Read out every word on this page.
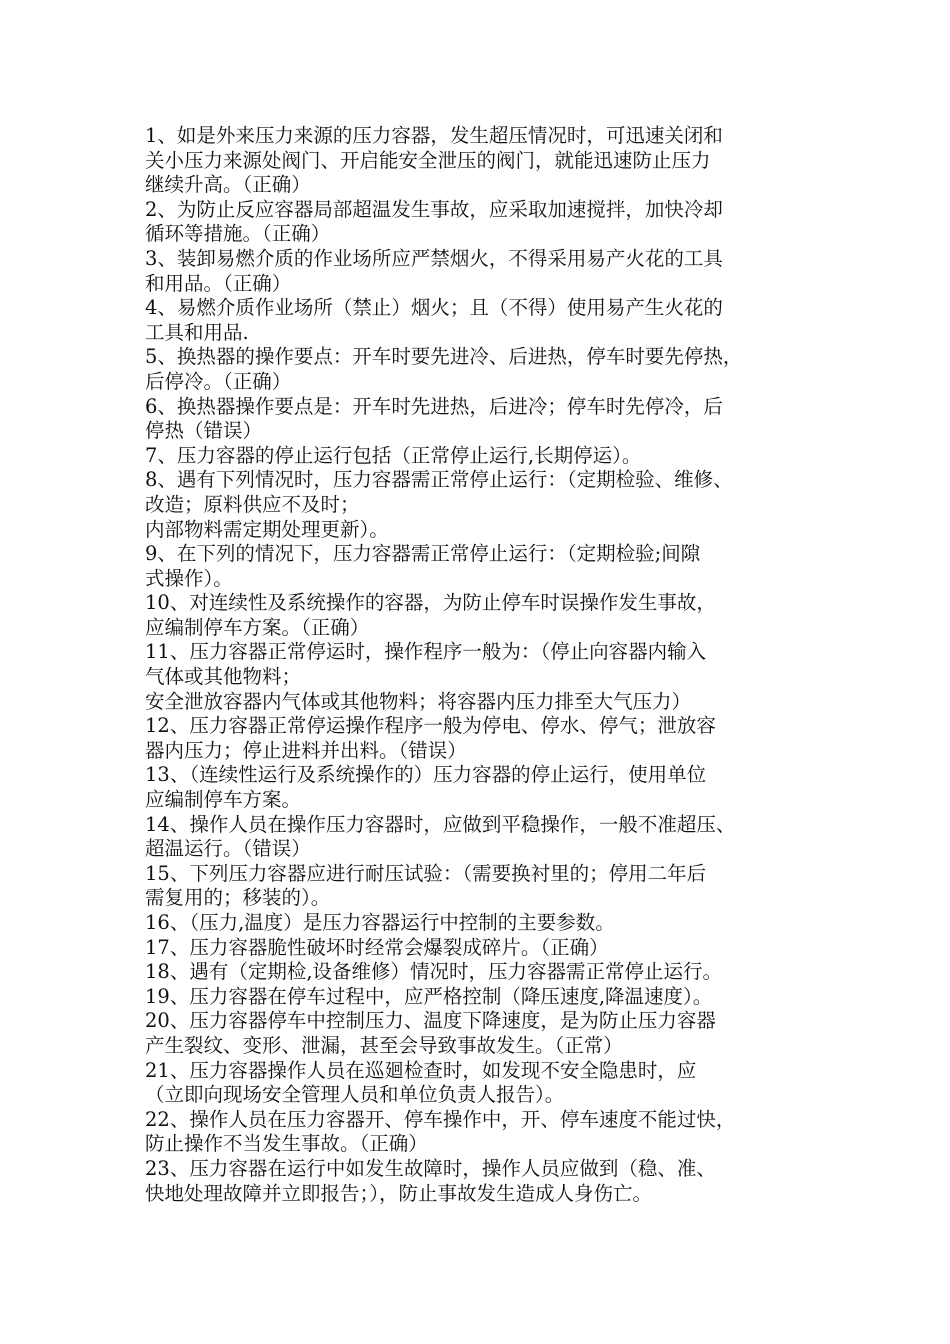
1、如是外来压力来源的压力容器，发生超压情况时，可迅速关闭和
关小压力来源处阀门、开启能安全泄压的阀门，就能迅速防止压力
继续升高。（正确）
2、为防止反应容器局部超温发生事故，应采取加速搅拌，加快冷却
循环等措施。（正确）
3、装卸易燃介质的作业场所应严禁烟火，不得采用易产火花的工具
和用品。（正确）
4、易燃介质作业场所（禁止）烟火；且（不得）使用易产生火花的
工具和用品.
5、换热器的操作要点：开车时要先进冷、后进热，停车时要先停热，
后停冷。（正确）
6、换热器操作要点是：开车时先进热，后进冷；停车时先停冷，后
停热（错误）
7、压力容器的停止运行包括（正常停止运行,长期停运）。
8、遇有下列情况时，压力容器需正常停止运行：（定期检验、维修、
改造；原料供应不及时；
内部物料需定期处理更新）。
9、在下列的情况下，压力容器需正常停止运行：（定期检验;间隙
式操作）。
10、对连续性及系统操作的容器，为防止停车时误操作发生事故，
应编制停车方案。（正确）
11、压力容器正常停运时，操作程序一般为：（停止向容器内输入
气体或其他物料；
安全泄放容器内气体或其他物料；将容器内压力排至大气压力）
12、压力容器正常停运操作程序一般为停电、停水、停气；泄放容
器内压力；停止进料并出料。（错误）
13、（连续性运行及系统操作的）压力容器的停止运行，使用单位
应编制停车方案。
14、操作人员在操作压力容器时，应做到平稳操作，一般不准超压、
超温运行。（错误）
15、下列压力容器应进行耐压试验：（需要换衬里的；停用二年后
需复用的；移装的）。
16、（压力,温度）是压力容器运行中控制的主要参数。
17、压力容器脆性破坏时经常会爆裂成碎片。（正确）
18、遇有（定期检,设备维修）情况时，压力容器需正常停止运行。
19、压力容器在停车过程中，应严格控制（降压速度,降温速度）。
20、压力容器停车中控制压力、温度下降速度，是为防止压力容器
产生裂纹、变形、泄漏，甚至会导致事故发生。（正常）
21、压力容器操作人员在巡廻检查时，如发现不安全隐患时，应
（立即向现场安全管理人员和单位负责人报告）。
22、操作人员在压力容器开、停车操作中，开、停车速度不能过快，
防止操作不当发生事故。（正确）
23、压力容器在运行中如发生故障时，操作人员应做到（稳、准、
快地处理故障并立即报告；），防止事故发生造成人身伤亡。
